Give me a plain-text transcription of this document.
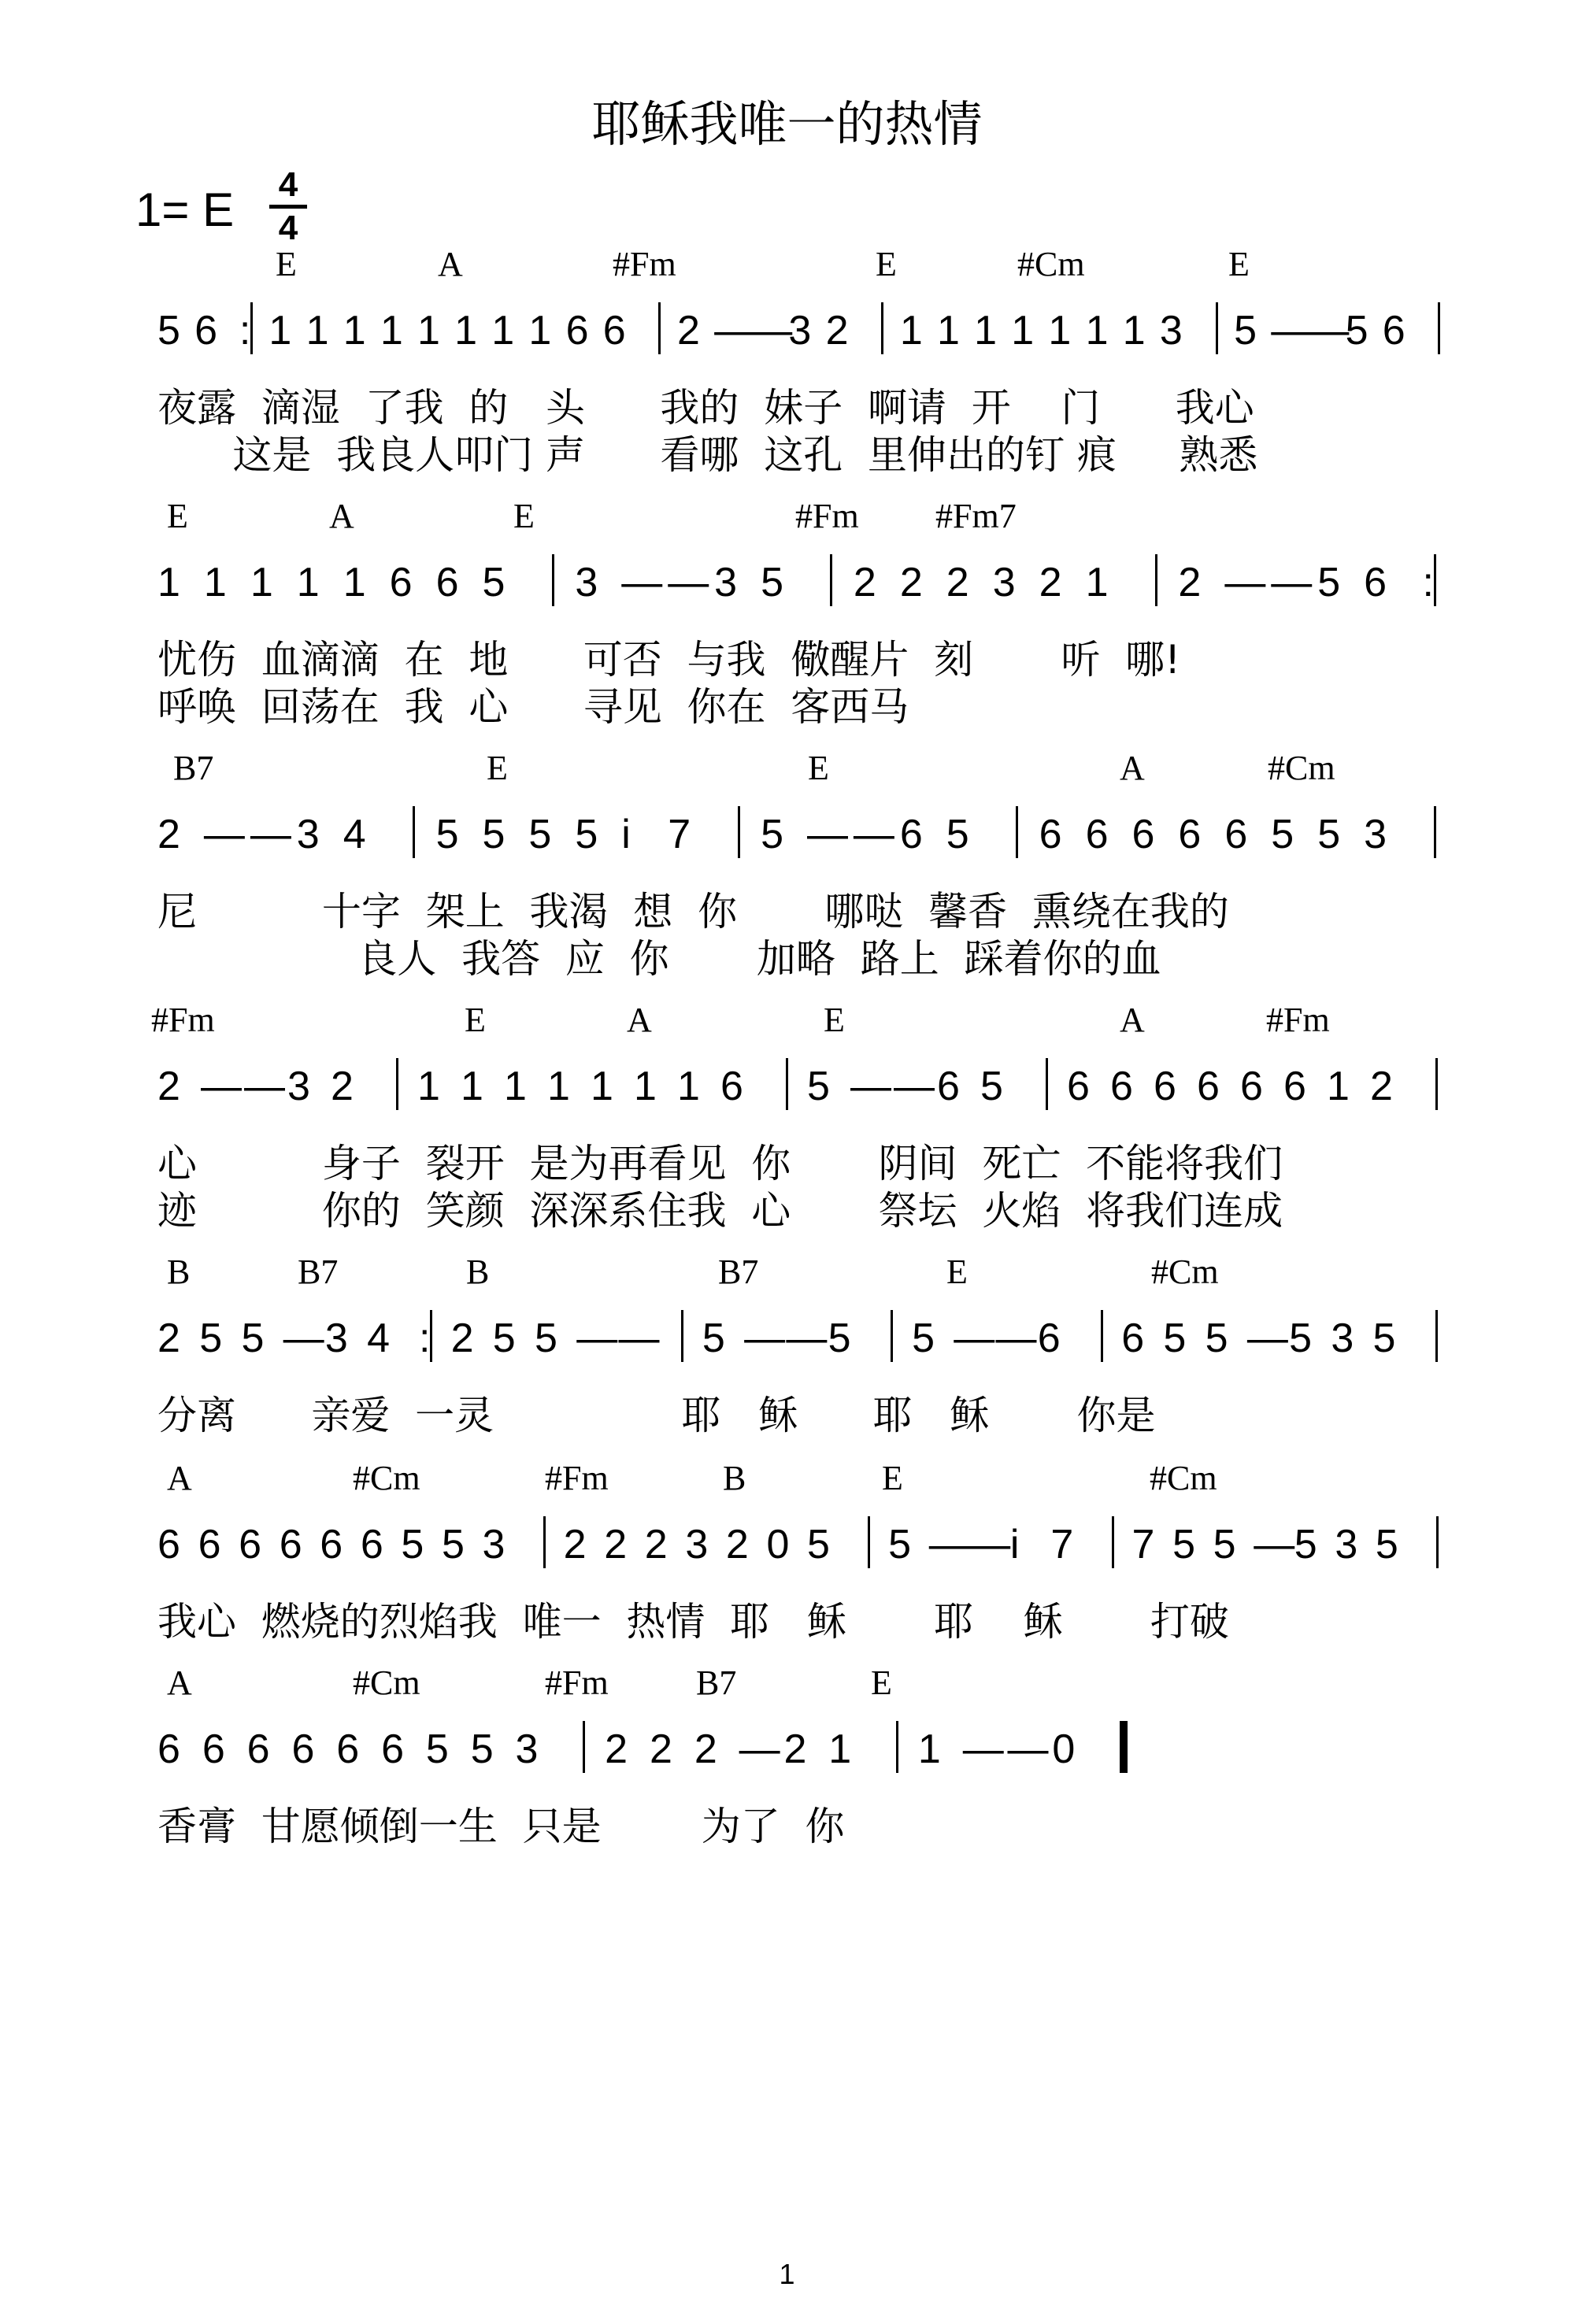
耶稣我唯一的热情
1= E	4
4
E	A	#Fm	E	#Cm	E
5 6 : 1 1 1 1 1 1 1 1 6 6 2 —
—
3 2 1 1 1 1 1 1 1 3 5 —
—
5 6
夜露  滴湿  了我  的   头      我的  妹子  啊请  开    门      我心
这是  我良人叩门 声      看哪  这孔  里伸出的钉 痕     熟悉
E	A	E	#Fm #Fm7
1 1 1 1 1 6 6 5 3 — — 3 5 2 2 2 3 2 1 2 — — 5 6 :
忧伤  血滴滴  在  地      可否  与我  儆醒片  刻       听  哪!
呼唤  回荡在  我  心      寻见  你在  客西马
B7	E	E	A	#Cm
2 — — 3 4 5 5 5 5 i 7 5 — — 6 5 6 6 6 6 6 5 5 3
尼          十字  架上  我渴  想  你       哪哒  馨香  熏绕在我的
良人  我答  应  你       加略  路上  踩着你的血
#Fm	E	A	E	A	#Fm
2 — — 3 2 1 1 1 1 1 1 1 6 5 — — 6 5 6 6 6 6 6 6 1 2
心          身子  裂开  是为再看见  你       阴间  死亡  不能将我们
迹          你的  笑颜  深深系住我  心       祭坛  火焰  将我们连成
B	B7	B	B7	E	#Cm
2 5 5 — 3 4 : 2 5 5 — — 5 — — 5 5 — — 6 6 5 5 — 5 3 5
分离      亲爱  一灵               耶   稣      耶   稣       你是
A	#Cm	#Fm	B	E	#Cm
6 6 6 6 6 6 5 5 3 2 2 2 3 2 0 5 5 — — i 7 7 5 5 — 5 3 5
我心  燃烧的烈焰我  唯一  热情  耶   稣       耶    稣       打破
A	#Cm	#Fm	B7	E
6 6 6 6 6 6 5 5 3 2 2 2 — 2 1 1 — — 0
香膏  甘愿倾倒一生  只是        为了  你
1
